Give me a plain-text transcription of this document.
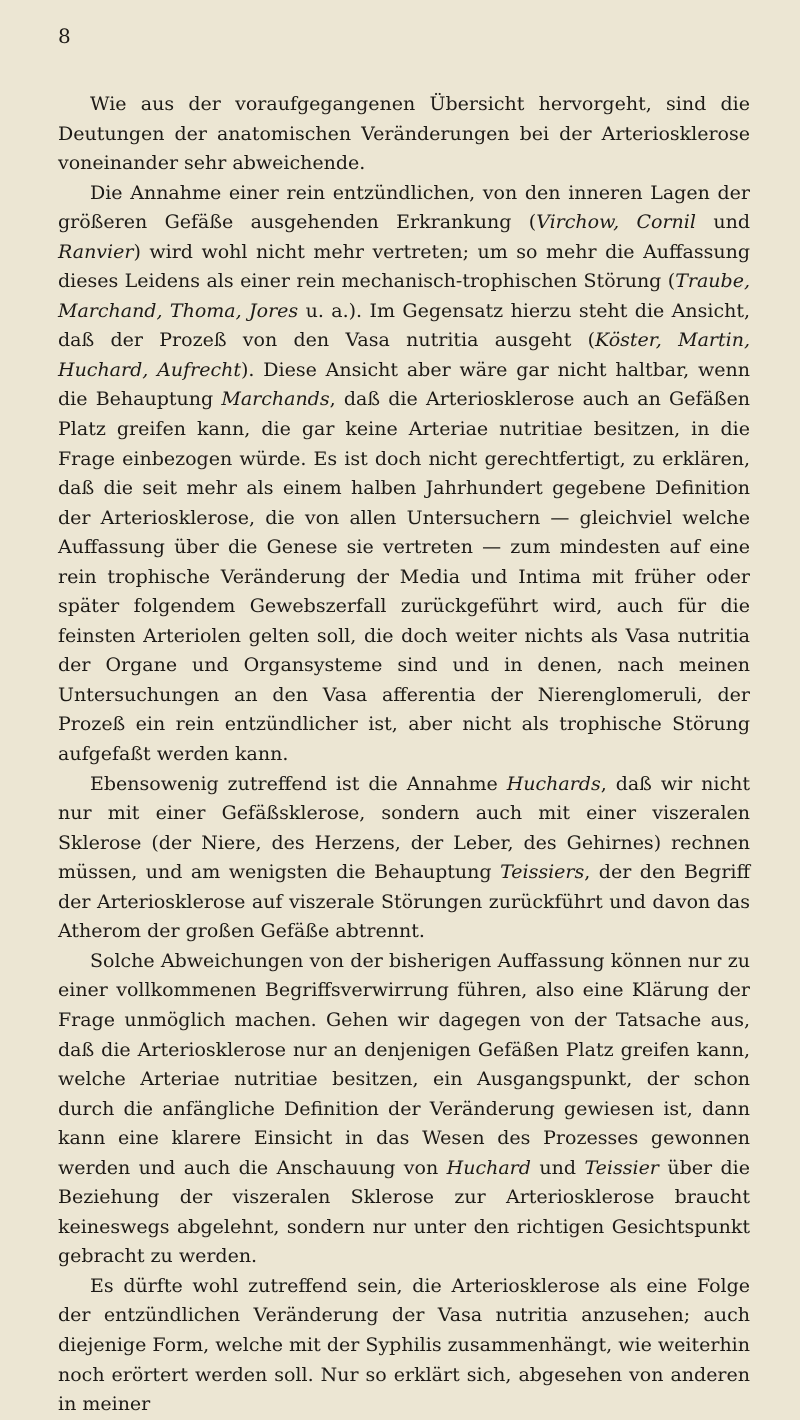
8

Wie aus der voraufgegangenen Übersicht hervorgeht, sind die Deutungen der anatomischen Veränderungen bei der Arteriosklerose voneinander sehr abweichende.

Die Annahme einer rein entzündlichen, von den inneren Lagen der größeren Gefäße ausgehenden Erkrankung (Virchow, Cornil und Ranvier) wird wohl nicht mehr vertreten; um so mehr die Auffassung dieses Leidens als einer rein mechanisch-trophischen Störung (Traube, Marchand, Thoma, Jores u. a.). Im Gegensatz hierzu steht die Ansicht, daß der Prozeß von den Vasa nutritia ausgeht (Köster, Martin, Huchard, Aufrecht). Diese Ansicht aber wäre gar nicht haltbar, wenn die Behauptung Marchands, daß die Arteriosklerose auch an Gefäßen Platz greifen kann, die gar keine Arteriae nutritiae besitzen, in die Frage einbezogen würde. Es ist doch nicht gerechtfertigt, zu erklären, daß die seit mehr als einem halben Jahrhundert gegebene Definition der Arteriosklerose, die von allen Untersuchern — gleichviel welche Auffassung über die Genese sie vertreten — zum mindesten auf eine rein trophische Veränderung der Media und Intima mit früher oder später folgendem Gewebszerfall zurückgeführt wird, auch für die feinsten Arteriolen gelten soll, die doch weiter nichts als Vasa nutritia der Organe und Organsysteme sind und in denen, nach meinen Untersuchungen an den Vasa afferentia der Nierenglomeruli, der Prozeß ein rein entzündlicher ist, aber nicht als trophische Störung aufgefaßt werden kann.

Ebensowenig zutreffend ist die Annahme Huchards, daß wir nicht nur mit einer Gefäßsklerose, sondern auch mit einer viszeralen Sklerose (der Niere, des Herzens, der Leber, des Gehirnes) rechnen müssen, und am wenigsten die Behauptung Teissiers, der den Begriff der Arteriosklerose auf viszerale Störungen zurückführt und davon das Atherom der großen Gefäße abtrennt.

Solche Abweichungen von der bisherigen Auffassung können nur zu einer vollkommenen Begriffsverwirrung führen, also eine Klärung der Frage unmöglich machen. Gehen wir dagegen von der Tatsache aus, daß die Arteriosklerose nur an denjenigen Gefäßen Platz greifen kann, welche Arteriae nutritiae besitzen, ein Ausgangspunkt, der schon durch die anfängliche Definition der Veränderung gewiesen ist, dann kann eine klarere Einsicht in das Wesen des Prozesses gewonnen werden und auch die Anschauung von Huchard und Teissier über die Beziehung der viszeralen Sklerose zur Arteriosklerose braucht keineswegs abgelehnt, sondern nur unter den richtigen Gesichtspunkt gebracht zu werden.

Es dürfte wohl zutreffend sein, die Arteriosklerose als eine Folge der entzündlichen Veränderung der Vasa nutritia anzusehen; auch diejenige Form, welche mit der Syphilis zusammenhängt, wie weiterhin noch erörtert werden soll. Nur so erklärt sich, abgesehen von anderen in meiner
